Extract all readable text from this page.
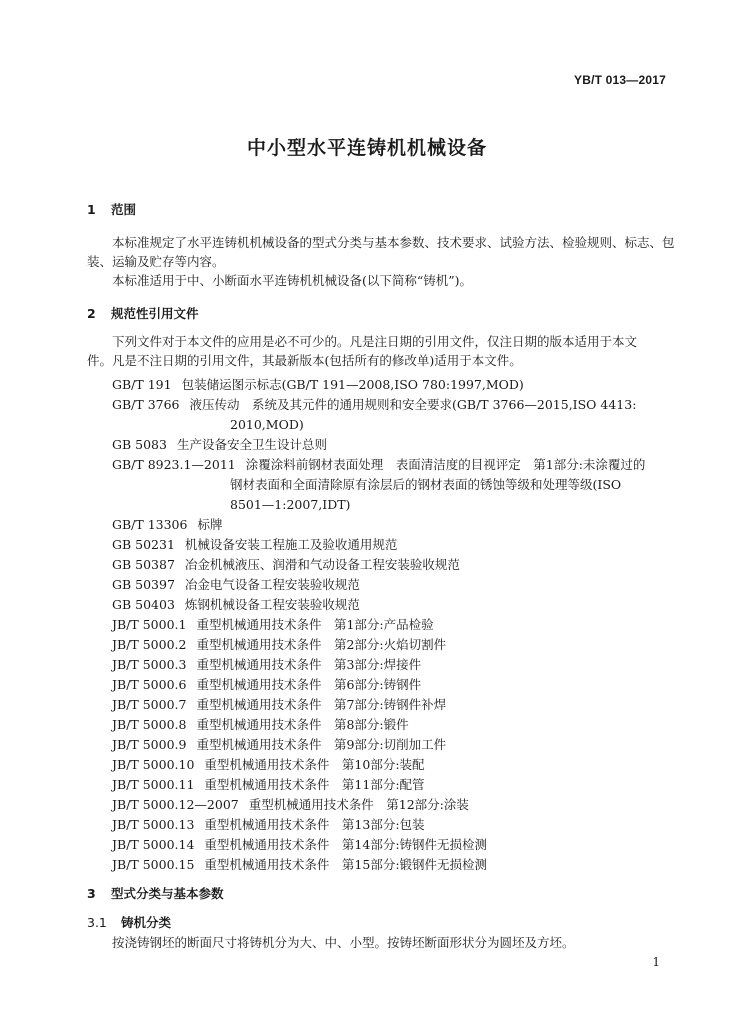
YB/T 013—2017
中小型水平连铸机机械设备
1 范围
本标准规定了水平连铸机机械设备的型式分类与基本参数、技术要求、试验方法、检验规则、标志、包
装、运输及贮存等内容。
本标准适用于中、小断面水平连铸机机械设备(以下简称“铸机”)。
2 规范性引用文件
下列文件对于本文件的应用是必不可少的。凡是注日期的引用文件，仅注日期的版本适用于本文
件。凡是不注日期的引用文件，其最新版本(包括所有的修改单)适用于本文件。
GB/T 191 包装储运图示标志(GB/T 191—2008,ISO 780:1997,MOD)
GB/T 3766 液压传动　系统及其元件的通用规则和安全要求(GB/T 3766—2015,ISO 4413:
2010,MOD)
GB 5083 生产设备安全卫生设计总则
GB/T 8923.1—2011 涂覆涂料前钢材表面处理　表面清洁度的目视评定　第1部分:未涂覆过的
钢材表面和全面清除原有涂层后的钢材表面的锈蚀等级和处理等级(ISO
8501—1:2007,IDT)
GB/T 13306 标牌
GB 50231 机械设备安装工程施工及验收通用规范
GB 50387 冶金机械液压、润滑和气动设备工程安装验收规范
GB 50397 冶金电气设备工程安装验收规范
GB 50403 炼钢机械设备工程安装验收规范
JB/T 5000.1 重型机械通用技术条件　第1部分:产品检验
JB/T 5000.2 重型机械通用技术条件　第2部分:火焰切割件
JB/T 5000.3 重型机械通用技术条件　第3部分:焊接件
JB/T 5000.6 重型机械通用技术条件　第6部分:铸钢件
JB/T 5000.7 重型机械通用技术条件　第7部分:铸钢件补焊
JB/T 5000.8 重型机械通用技术条件　第8部分:锻件
JB/T 5000.9 重型机械通用技术条件　第9部分:切削加工件
JB/T 5000.10 重型机械通用技术条件　第10部分:装配
JB/T 5000.11 重型机械通用技术条件　第11部分:配管
JB/T 5000.12—2007 重型机械通用技术条件　第12部分:涂装
JB/T 5000.13 重型机械通用技术条件　第13部分:包装
JB/T 5000.14 重型机械通用技术条件　第14部分:铸钢件无损检测
JB/T 5000.15 重型机械通用技术条件　第15部分:锻钢件无损检测
3 型式分类与基本参数
3.1 铸机分类
按浇铸钢坯的断面尺寸将铸机分为大、中、小型。按铸坯断面形状分为圆坯及方坯。
1
